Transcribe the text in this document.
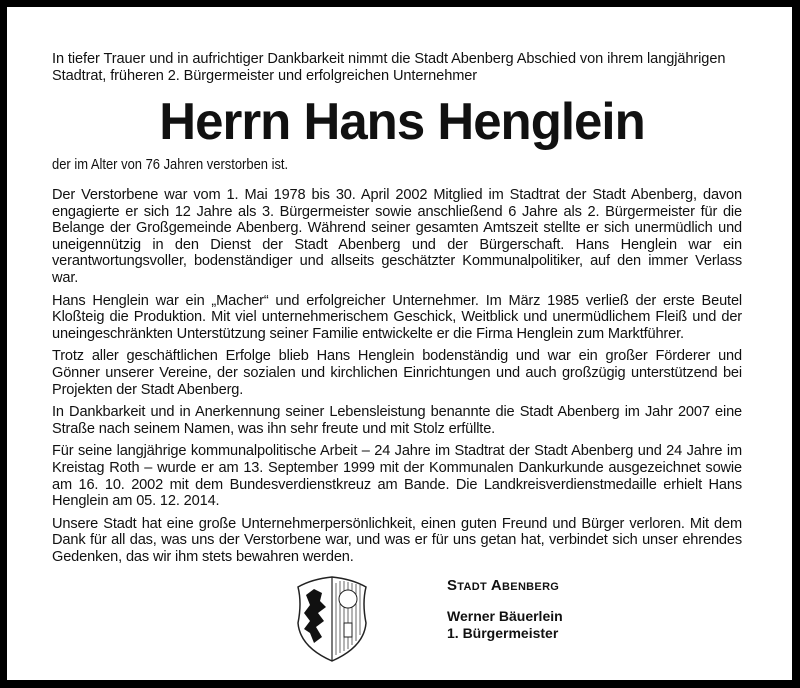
In tiefer Trauer und in aufrichtiger Dankbarkeit nimmt die Stadt Abenberg Abschied von ihrem langjährigen
Stadtrat, früheren 2. Bürgermeister und erfolgreichen Unternehmer
Herrn Hans Henglein
der im Alter von 76 Jahren verstorben ist.

Der Verstorbene war vom 1. Mai 1978 bis 30. April 2002 Mitglied im Stadtrat der Stadt Abenberg, davon engagierte er sich 12 Jahre als 3. Bürgermeister sowie anschließend 6 Jahre als 2. Bürgermeister für die Belange der Großgemeinde Abenberg. Während seiner gesamten Amtszeit stellte er sich unermüdlich und uneigennützig in den Dienst der Stadt Abenberg und der Bürgerschaft. Hans Henglein war ein verantwortungsvoller, bodenständiger und allseits geschätzter Kommunalpolitiker, auf den immer Verlass war.

Hans Henglein war ein „Macher“ und erfolgreicher Unternehmer. Im März 1985 verließ der erste Beutel Kloßteig die Produktion. Mit viel unternehmerischem Geschick, Weitblick und unermüdlichem Fleiß und der uneingeschränkten Unterstützung seiner Familie entwickelte er die Firma Henglein zum Marktführer.

Trotz aller geschäftlichen Erfolge blieb Hans Henglein bodenständig und war ein großer Förderer und Gönner unserer Vereine, der sozialen und kirchlichen Einrichtungen und auch großzügig unterstützend bei Projekten der Stadt Abenberg.

In Dankbarkeit und in Anerkennung seiner Lebensleistung benannte die Stadt Abenberg im Jahr 2007 eine Straße nach seinem Namen, was ihn sehr freute und mit Stolz erfüllte.

Für seine langjährige kommunalpolitische Arbeit – 24 Jahre im Stadtrat der Stadt Abenberg und 24 Jahre im Kreistag Roth – wurde er am 13. September 1999 mit der Kommunalen Dankurkunde ausgezeichnet sowie am 16. 10. 2002 mit dem Bundesverdienstkreuz am Bande. Die Landkreisverdienstmedaille erhielt Hans Henglein am 05. 12. 2014.

Unsere Stadt hat eine große Unternehmerpersönlichkeit, einen guten Freund und Bürger verloren. Mit dem Dank für all das, was uns der Verstorbene war, und was er für uns getan hat, verbindet sich unser ehrendes Gedenken, das wir ihm stets bewahren werden.

Stadt Abenberg
Werner Bäuerlein
1. Bürgermeister
